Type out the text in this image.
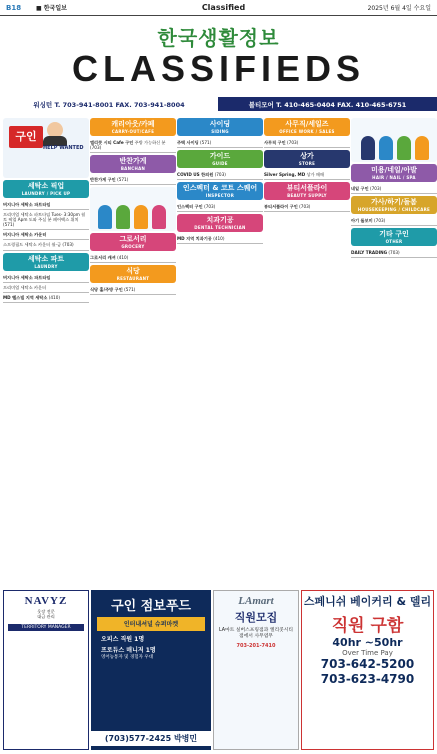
B18	■ 한국일보	Classified	2025년 6월 4일 수요일
한국생활정보
CLASSIFIEDS
워싱턴 T. 703-941-8001 FAX. 703-941-8004	볼티모어 T. 410-465-0404 FAX. 410-465-6751
구인
HELP WANTED
세탁소 픽업
LAUNDRY / PICK UP
버지니아 세탁소 파트타임
프리미엄 세탁소 파트타임 Tues- 3:30pm 월토 픽업 Apm 도와 주실 분 페어팩스 위치 (571)
버지니아 세탁소 카운터
스프링필드 세탁소 카운터 월-금 (703)
세탁소 파트
LAUNDRY
버지니아 세탁소 파트타임
프리미엄 세탁소 카운터
MD 벨스빌 지역 세탁소 (410)
캐리아웃/카페
CARRY-OUT/CAFE
엘리콧 시티 Cafe 구인 주방 가능하신 분 (703)
반찬가게
BANCHAN
반찬가게 구인 (571)
그로서리
GROCERY
그로서리 캐셔 (410)
식당
RESTAURANT
식당 홀/주방 구인 (571)
사이딩
SIDING
주택 사이딩 (571)
가이드
GUIDE
COVID US 한의원 (703)
인스펙터 & 코트 스퀘어
INSPECTOR
인스펙터 구인 (703)
치과기공
DENTAL TECHNICIAN
MD 지역 치과기공 (410)
사무직/세일즈
OFFICE WORK / SALES
사무직 구인 (703)
상가
STORE
Silver Spring, MD 상가 매매
뷰티서플라이
BEAUTY SUPPLY
뷰티서플라이 구인 (703)
미용/네일/아발
HAIR / NAIL / SPA
네일 구인 (703)
가사/하기/돌봄
HOUSEKEEPING / CHILDCARE
아기 돌보미 (703)
기타 구인
OTHER
DAILY TRADING (703)
NAVYZ
옷장 전문
대금 관리
TERRITORY MANAGER
구인 점보푸드
인터내셔널 슈퍼마켓
오피스 직원 1명
프로듀스 매니저 1명
영어능통자 및 경험자 우대
(703)577-2425 박병민
LAmart
직원모집
LA마트 실버스프링점과 엘리콧시티점에서 사무엽무
703-201-7410
스페니쉬 베이커리 & 델리
직원 구함
40hr ~50hr
Over Time Pay
703-642-5200
703-623-4790
